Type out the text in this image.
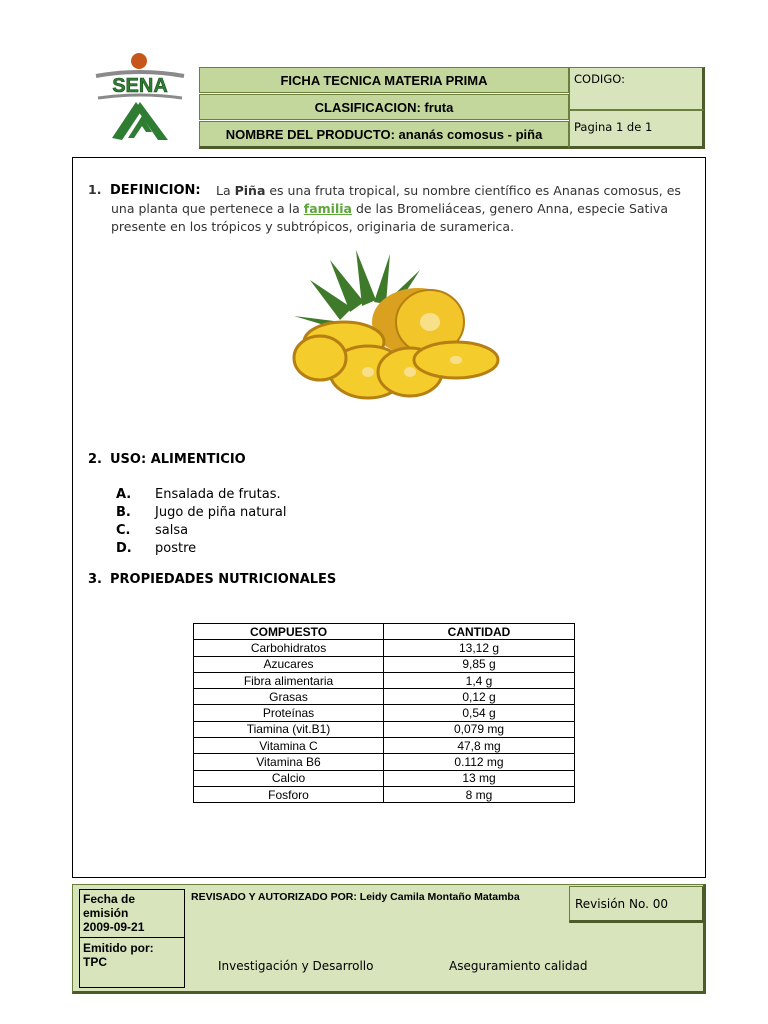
SENA	FICHA TECNICA MATERIA PRIMA
CLASIFICACION: fruta
NOMBRE DEL PRODUCTO: ananás comosus - piña
CODIGO:
Pagina 1 de 1
1. DEFINICION:	La Piña es una fruta tropical, su nombre científico es Ananas comosus, es una planta que pertenece a la familia de las Bromeliáceas, genero Anna, especie Sativa presente en los trópicos y subtrópicos, originaria de suramerica.
2. USO: ALIMENTICIO
A.	Ensalada de frutas.
B.	Jugo de piña natural
C.	salsa
D.	postre
3. PROPIEDADES NUTRICIONALES
COMPUESTO	CANTIDAD
Carbohidratos	13,12 g
Azucares	9,85 g
Fibra alimentaria	1,4 g
Grasas	0,12 g
Proteínas	0,54 g
Tiamina (vit.B1)	0,079 mg
Vitamina C	47,8 mg
Vitamina B6	0.112 mg
Calcio	13 mg
Fosforo	8 mg
Fecha de emisión
2009-09-21
Emitido por:
TPC
REVISADO Y AUTORIZADO POR: Leidy Camila Montaño Matamba	Revisión No. 00
Investigación y Desarrollo	Aseguramiento calidad
